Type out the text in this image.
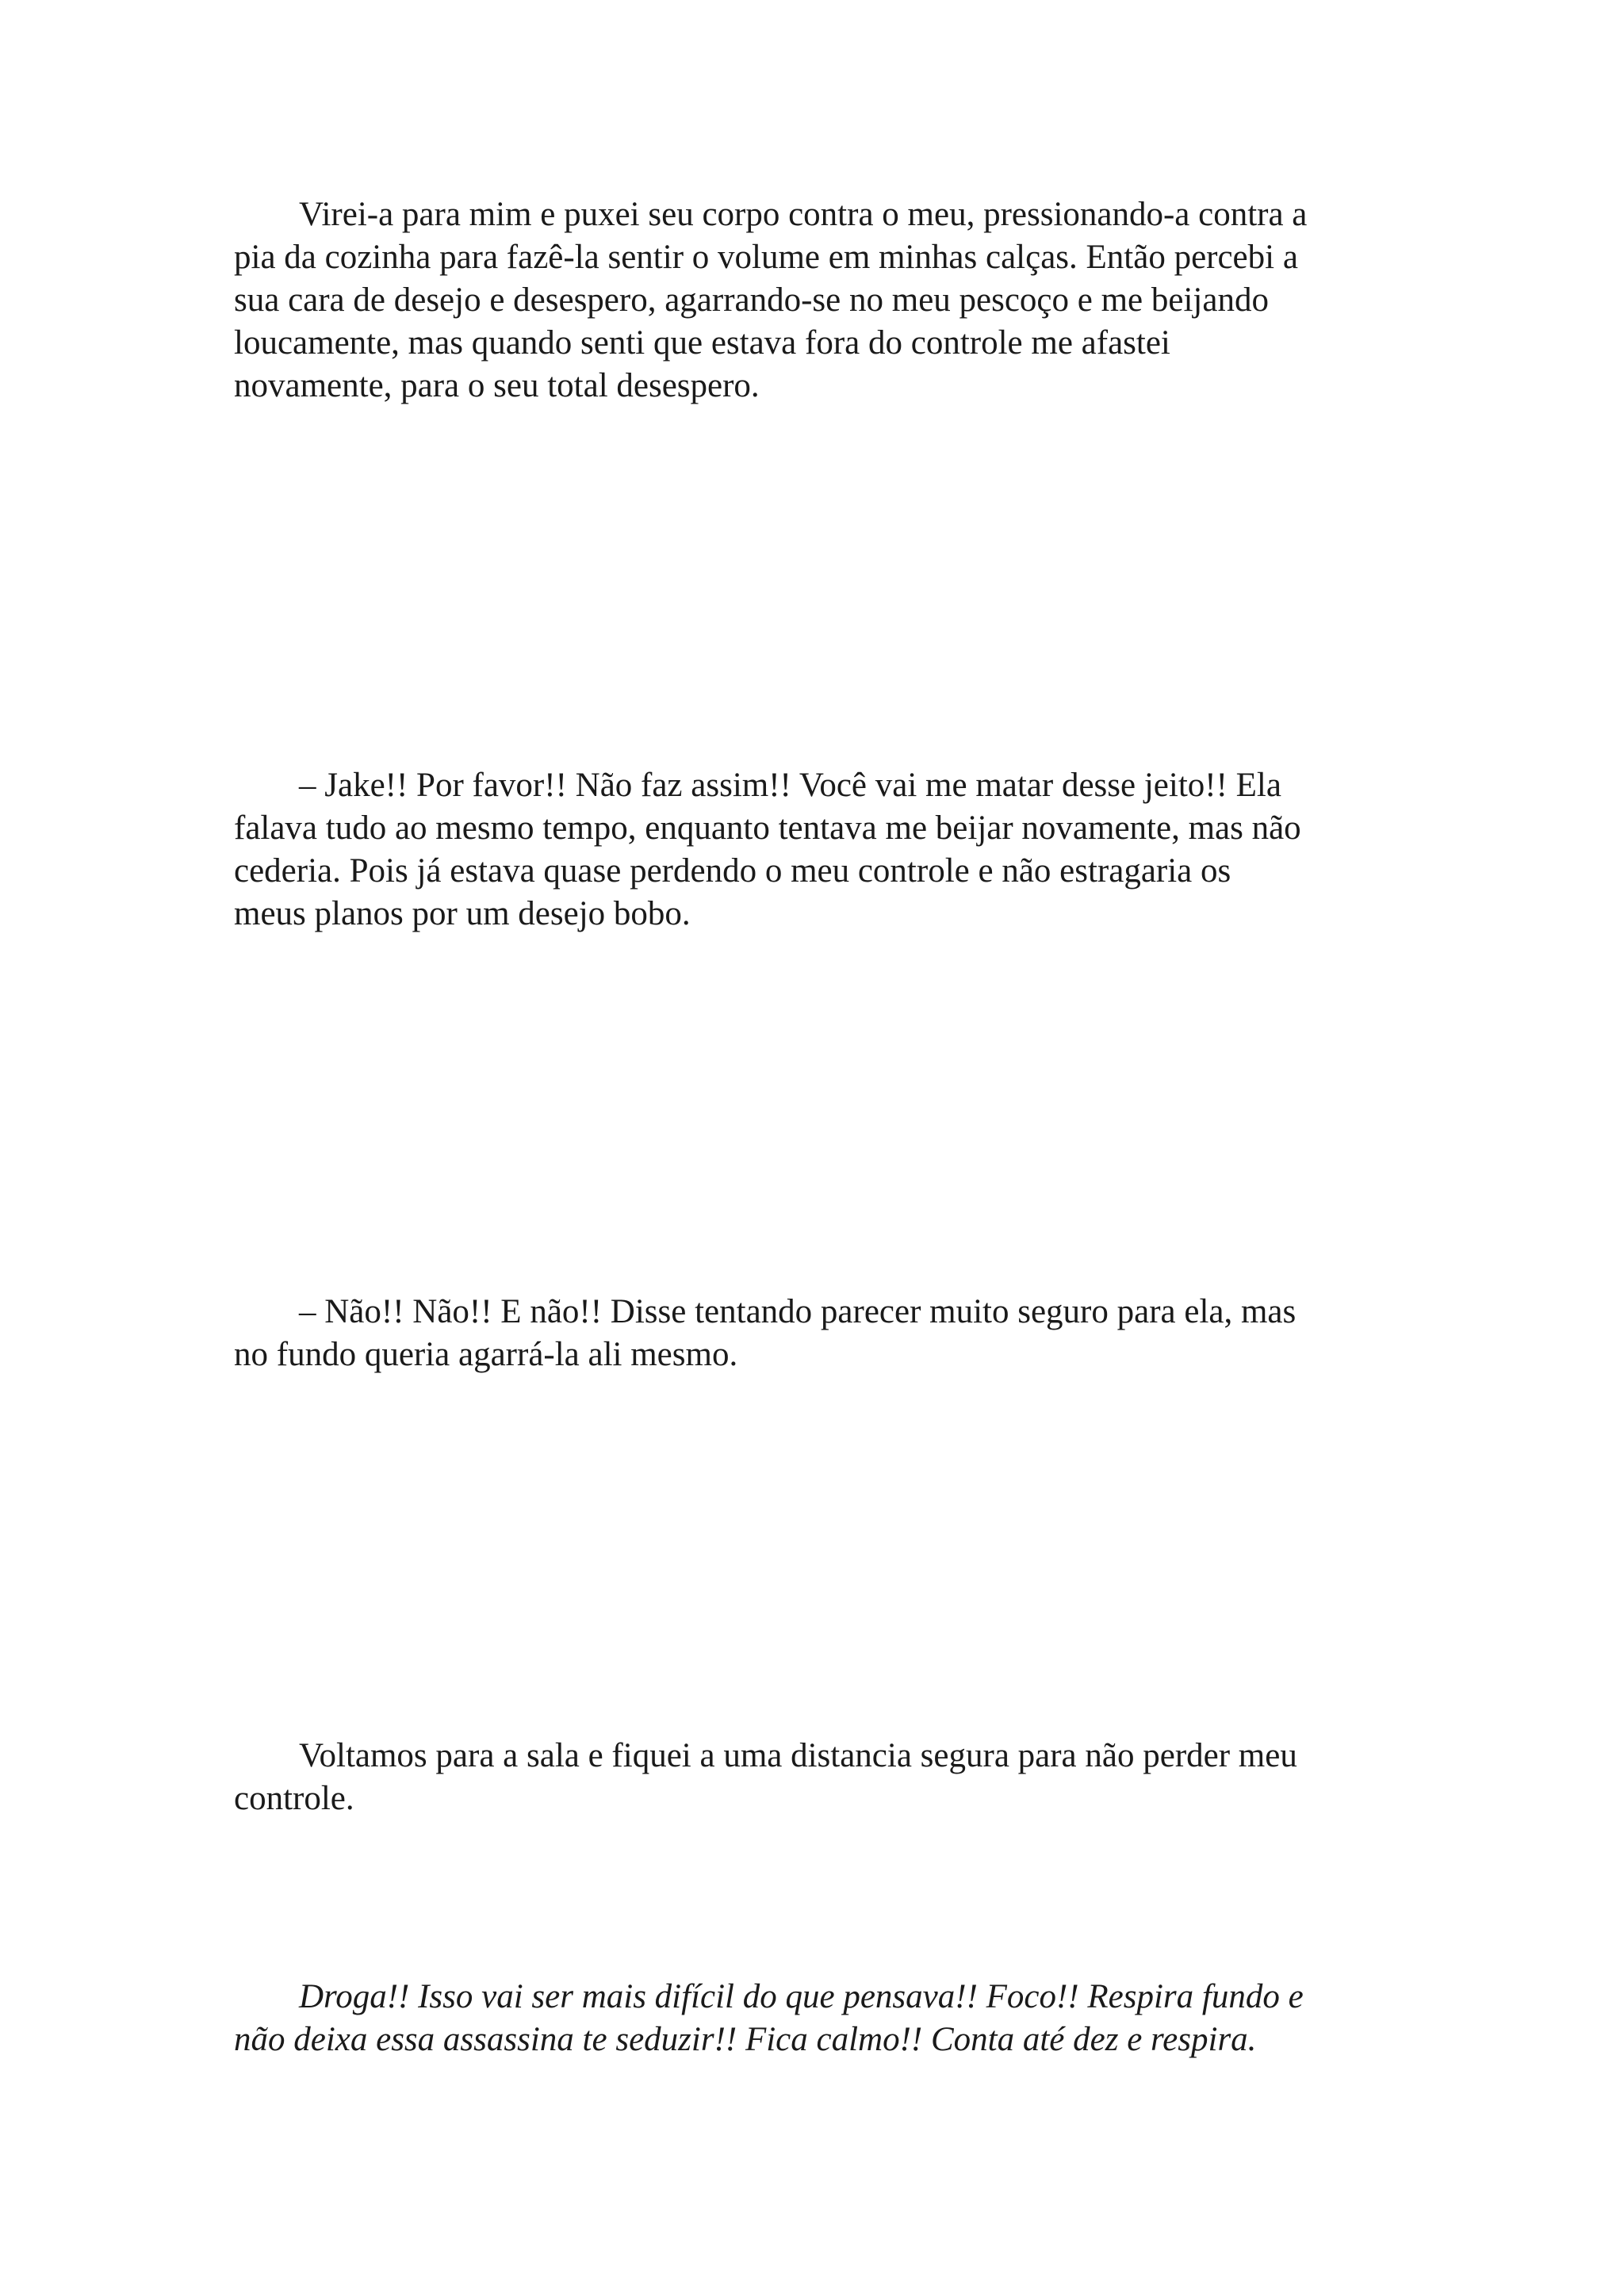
Virei-a para mim e puxei seu corpo contra o meu, pressionando-a contra a
pia da cozinha para fazê-la sentir o volume em minhas calças. Então percebi a
sua cara de desejo e desespero, agarrando-se no meu pescoço e me beijando
loucamente, mas quando senti que estava fora do controle me afastei
novamente, para o seu total desespero.

– Jake!! Por favor!! Não faz assim!! Você vai me matar desse jeito!! Ela
falava tudo ao mesmo tempo, enquanto tentava me beijar novamente, mas não
cederia. Pois já estava quase perdendo o meu controle e não estragaria os
meus planos por um desejo bobo.

– Não!! Não!! E não!! Disse tentando parecer muito seguro para ela, mas
no fundo queria agarrá-la ali mesmo.

Voltamos para a sala e fiquei a uma distancia segura para não perder meu
controle.

Droga!! Isso vai ser mais difícil do que pensava!! Foco!! Respira fundo e
não deixa essa assassina te seduzir!! Fica calmo!! Conta até dez e respira.
